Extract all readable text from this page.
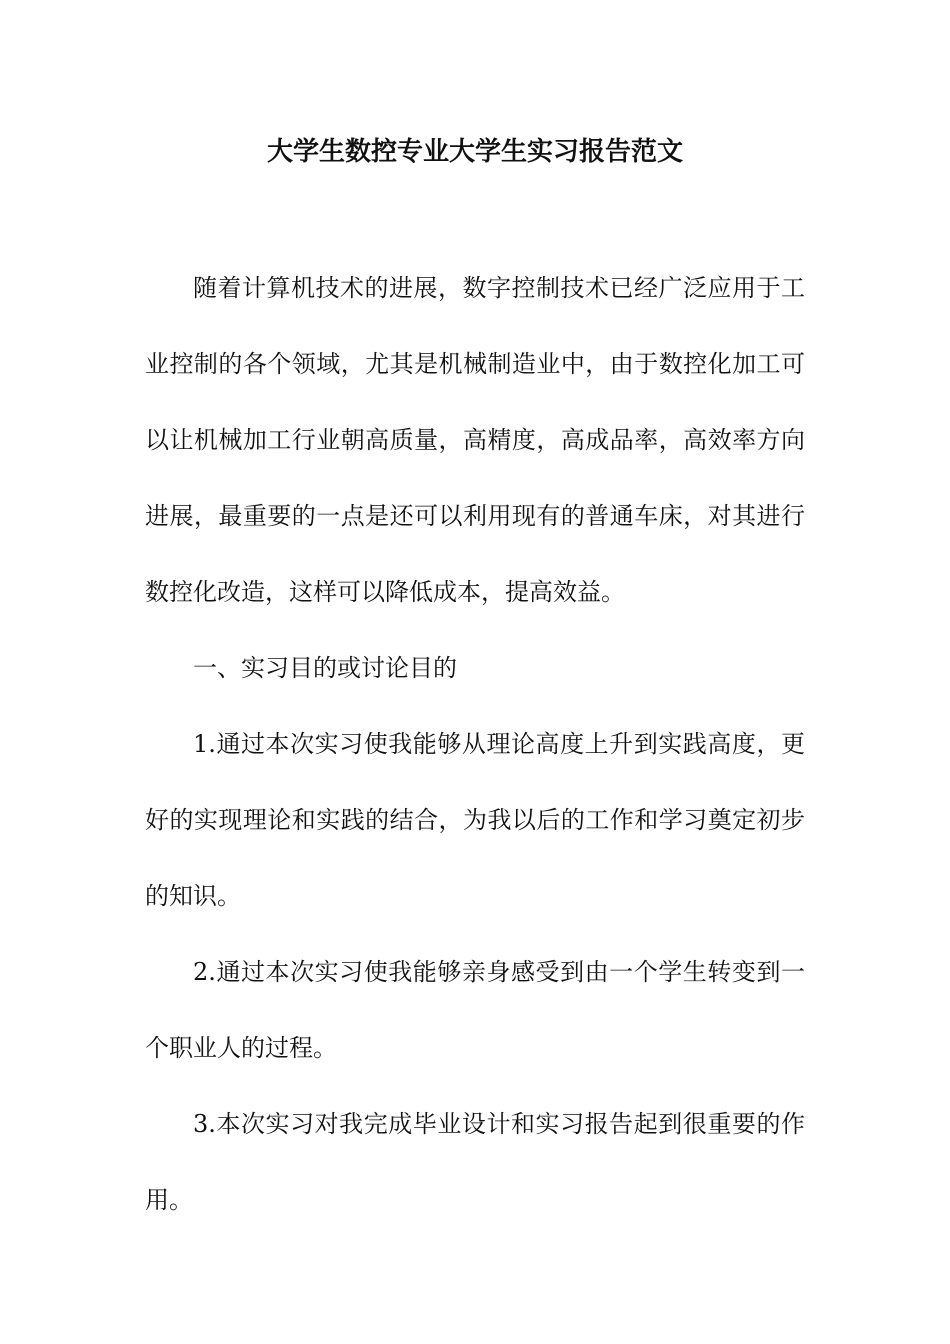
大学生数控专业大学生实习报告范文

随着计算机技术的进展，数字控制技术已经广泛应用于工业控制的各个领域，尤其是机械制造业中，由于数控化加工可以让机械加工行业朝高质量，高精度，高成品率，高效率方向进展，最重要的一点是还可以利用现有的普通车床，对其进行数控化改造，这样可以降低成本，提高效益。

一、实习目的或讨论目的

1.通过本次实习使我能够从理论高度上升到实践高度，更好的实现理论和实践的结合，为我以后的工作和学习奠定初步的知识。

2.通过本次实习使我能够亲身感受到由一个学生转变到一个职业人的过程。

3.本次实习对我完成毕业设计和实习报告起到很重要的作用。
